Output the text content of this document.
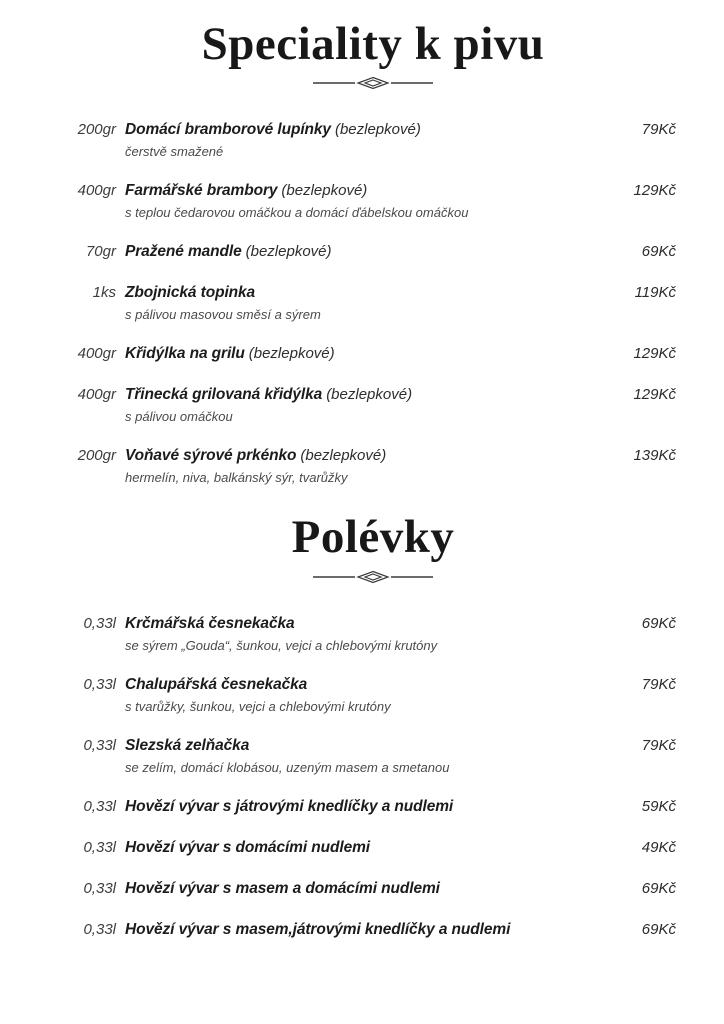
Speciality k pivu
200gr Domácí bramborové lupínky (bezlepkové)	79Kč
čerstvě smažené
400gr Farmářské brambory (bezlepkové)	129Kč
s teplou čedarovou omáčkou a domácí ďábelskou omáčkou
70gr Pražené mandle (bezlepkové)	69Kč
1ks Zbojnická topinka	119Kč
s pálivou masovou směsí a sýrem
400gr Křidýlka na grilu (bezlepkové)	129Kč
400gr Třinecká grilovaná křidýlka (bezlepkové)	129Kč
s pálivou omáčkou
200gr Voňavé sýrové prkénko (bezlepkové)	139Kč
hermelín, niva, balkánský sýr, tvarůžky
Polévky
0,33l Krčmářská česnekačka	69Kč
se sýrem „Gouda“, šunkou, vejci a chlebovými krutóny
0,33l Chalupářská česnekačka	79Kč
s tvarůžky, šunkou, vejci a chlebovými krutóny
0,33l Slezská zelňačka	79Kč
se zelím, domácí klobásou, uzeným masem a smetanou
0,33l Hovězí vývar s játrovými knedlíčky a nudlemi	59Kč
0,33l Hovězí vývar s domácími nudlemi	49Kč
0,33l Hovězí vývar s masem a domácími nudlemi	69Kč
0,33l Hovězí vývar s masem,játrovými knedlíčky a nudlemi	69Kč
